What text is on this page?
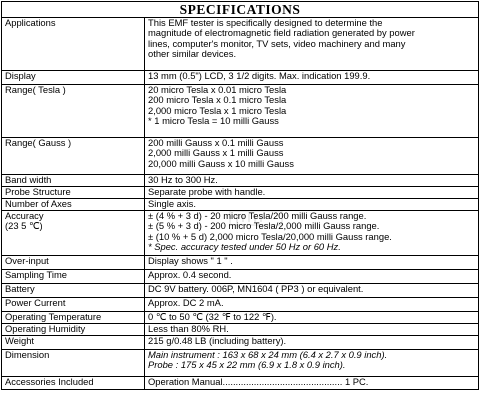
SPECIFICATIONS
Applications	This EMF tester is specifically designed to determine the
magnitude of electromagnetic field radiation generated by power
lines, computer's monitor, TV sets, video machinery and many
other similar devices.

Display	13 mm (0.5") LCD, 3 1/2 digits. Max. indication 199.9.

Range( Tesla )	20 micro Tesla x 0.01 micro Tesla
200 micro Tesla x 0.1 micro Tesla
2,000 micro Tesla x 1 micro Tesla
* 1 micro Tesla = 10 milli Gauss

Range( Gauss )	200 milli Gauss x 0.1 milli Gauss
2,000 milli Gauss x 1 milli Gauss
20,000 milli Gauss x 10 milli Gauss

Band width	30 Hz to 300 Hz.

Probe Structure	Separate probe with handle.

Number of Axes	Single axis.

Accuracy
(23 5 ℃)	± (4 % + 3 d) - 20 micro Tesla/200 milli Gauss range.
± (5 % + 3 d) - 200 micro Tesla/2,000 milli Gauss range.
± (10 % + 5 d) 2,000 micro Tesla/20,000 milli Gauss range.
* Spec. accuracy tested under 50 Hz or 60 Hz.

Over-input	Display shows " 1 " .

Sampling Time	Approx. 0.4 second.

Battery	DC 9V battery. 006P, MN1604 ( PP3 ) or equivalent.

Power Current	Approx. DC 2 mA.

Operating Temperature	0 ℃ to 50 ℃ (32 ℉ to 122 ℉).

Operating Humidity	Less than 80% RH.

Weight	215 g/0.48 LB (including battery).

Dimension	Main instrument : 163 x 68 x 24 mm (6.4 x 2.7 x 0.9 inch).
Probe : 175 x 45 x 22 mm (6.9 x 1.8 x 0.9 inch).

Accessories Included	Operation Manual.............................................. 1 PC.
